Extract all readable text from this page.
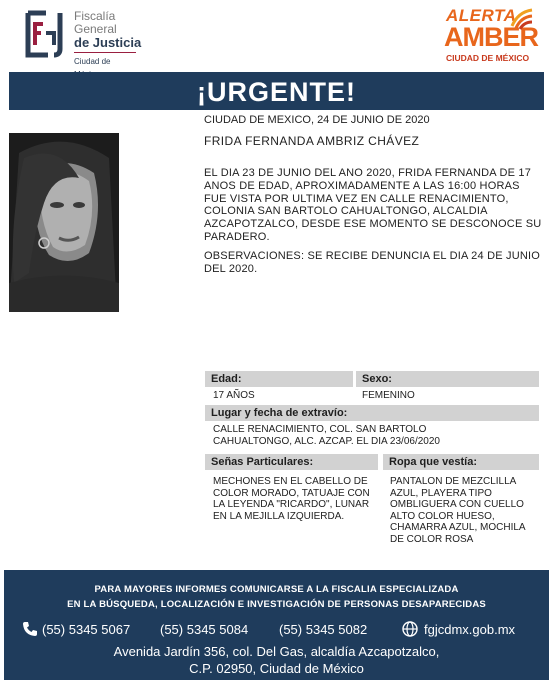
Fiscalía
General
de Justicia
Ciudad de
ALERTA
AMBER
CIUDAD DE MÉXICO
¡URGENTE!
CIUDAD DE MEXICO, 24 DE JUNIO DE 2020
FRIDA FERNANDA AMBRIZ CHÁVEZ
EL DIA 23 DE JUNIO DEL ANO 2020, FRIDA FERNANDA DE 17 ANOS DE EDAD, APROXIMADAMENTE A LAS 16:00 HORAS FUE VISTA POR ULTIMA VEZ EN CALLE RENACIMIENTO, COLONIA SAN BARTOLO CAHUALTONGO, ALCALDIA AZCAPOTZALCO, DESDE ESE MOMENTO SE DESCONOCE SU PARADERO.
OBSERVACIONES: SE RECIBE DENUNCIA EL DIA 24 DE JUNIO DEL 2020.
Edad:	Sexo:
17 AÑOS	FEMENINO
Lugar y fecha de extravío:
CALLE RENACIMIENTO, COL. SAN BARTOLO CAHUALTONGO, ALC. AZCAP. EL DIA 23/06/2020
Señas Particulares:	Ropa que vestía:
MECHONES EN EL CABELLO DE COLOR MORADO, TATUAJE CON LA LEYENDA "RICARDO", LUNAR EN LA MEJILLA IZQUIERDA.
PANTALON DE MEZCLILLA AZUL, PLAYERA TIPO OMBLIGUERA CON CUELLO ALTO COLOR HUESO, CHAMARRA AZUL, MOCHILA DE COLOR ROSA
PARA MAYORES INFORMES COMUNICARSE A LA FISCALIA ESPECIALIZADA
EN LA BÚSQUEDA, LOCALIZACIÓN E INVESTIGACIÓN DE PERSONAS DESAPARECIDAS
(55) 5345 5067 (55) 5345 5084 (55) 5345 5082	fgjcdmx.gob.mx
Avenida Jardín 356, col. Del Gas, alcaldía Azcapotzalco,
C.P. 02950, Ciudad de México
